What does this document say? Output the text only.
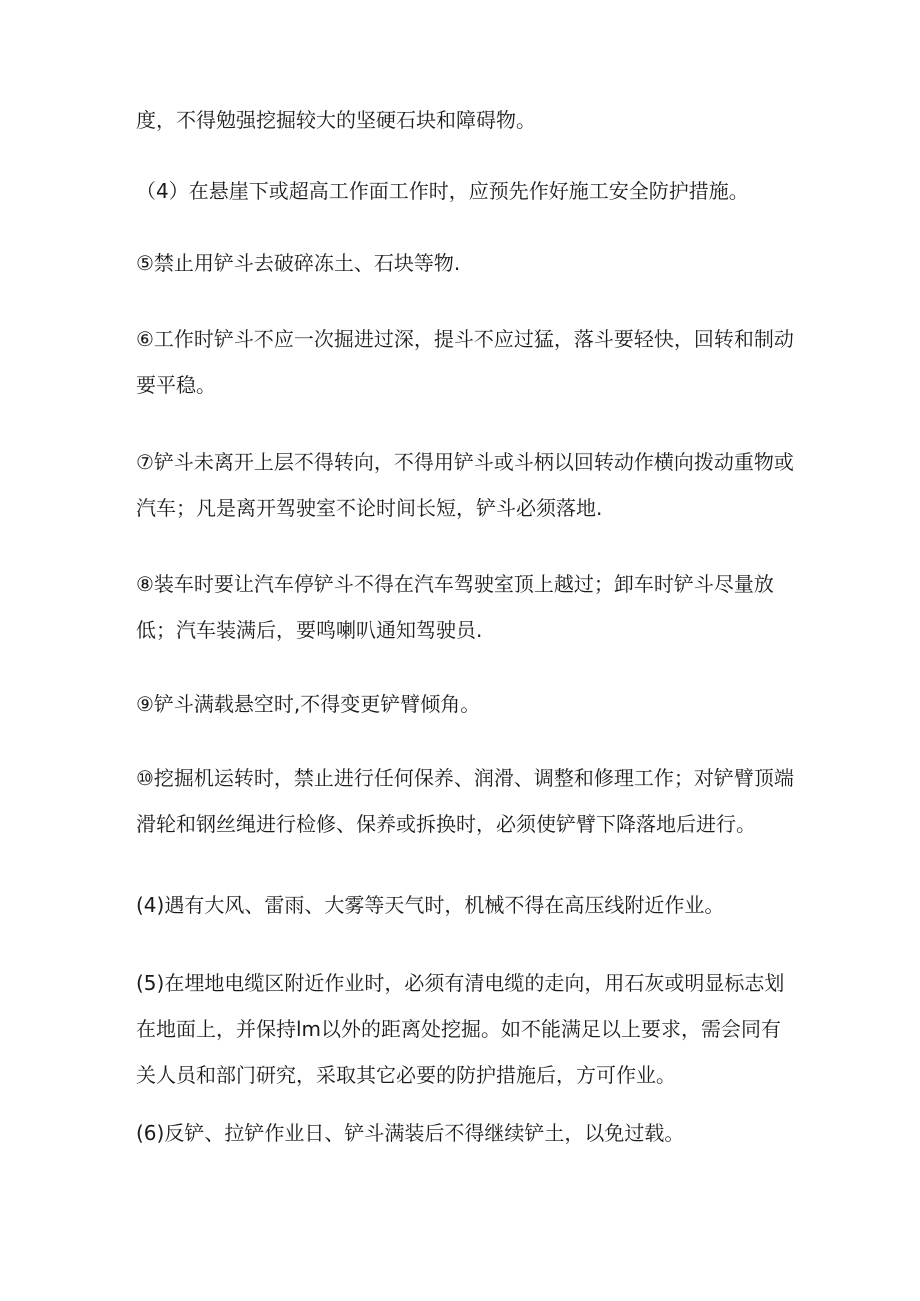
度，不得勉强挖掘较大的坚硬石块和障碍物。

（4）在悬崖下或超高工作面工作时，应预先作好施工安全防护措施。

⑤禁止用铲斗去破碎冻土、石块等物.

⑥工作时铲斗不应一次掘进过深，提斗不应过猛，落斗要轻快，回转和制动要平稳。

⑦铲斗未离开上层不得转向，不得用铲斗或斗柄以回转动作横向拨动重物或汽车；凡是离开驾驶室不论时间长短，铲斗必须落地.

⑧装车时要让汽车停铲斗不得在汽车驾驶室顶上越过；卸车时铲斗尽量放低；汽车装满后，要鸣喇叭通知驾驶员.

⑨铲斗满载悬空时,不得变更铲臂倾角。

⑩挖掘机运转时，禁止进行任何保养、润滑、调整和修理工作；对铲臂顶端滑轮和钢丝绳进行检修、保养或拆换时，必须使铲臂下降落地后进行。

(4)遇有大风、雷雨、大雾等天气时，机械不得在高压线附近作业。

(5)在埋地电缆区附近作业时，必须有清电缆的走向，用石灰或明显标志划在地面上，并保持lm以外的距离处挖掘。如不能满足以上要求，需会同有关人员和部门研究，采取其它必要的防护措施后，方可作业。

(6)反铲、拉铲作业日、铲斗满装后不得继续铲土，以免过载。
